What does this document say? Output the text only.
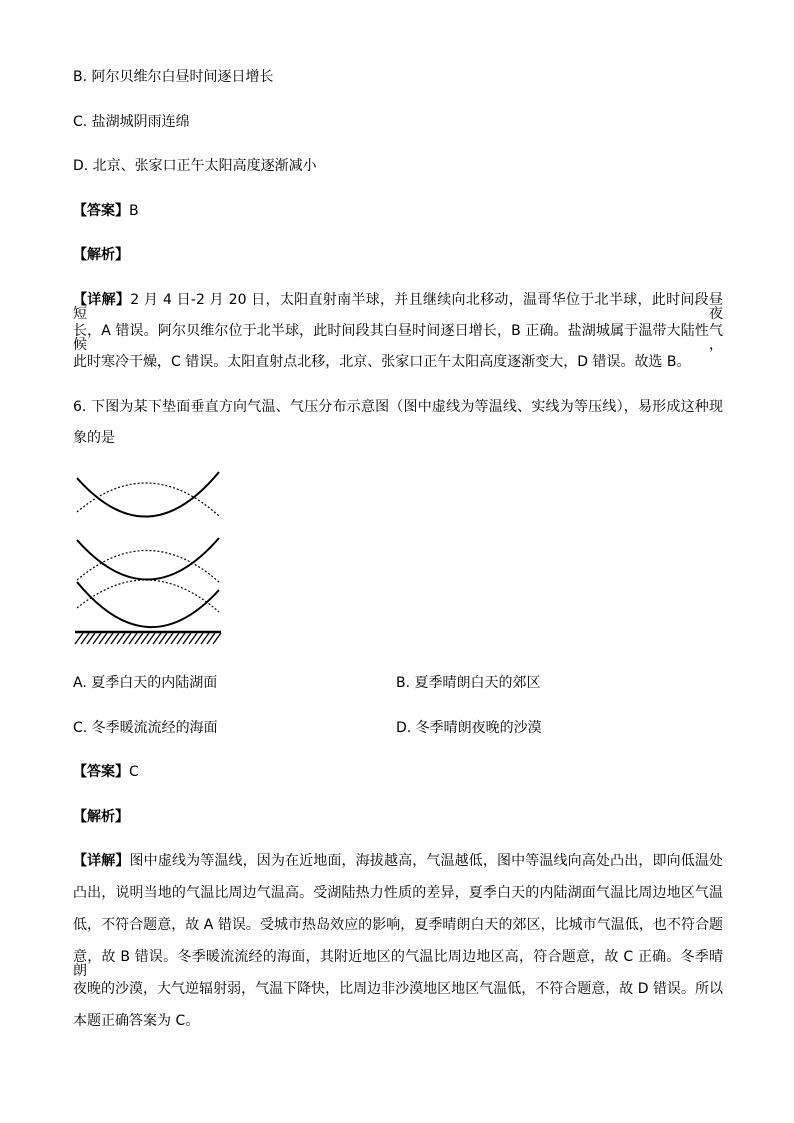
B. 阿尔贝维尔白昼时间逐日增长
C. 盐湖城阴雨连绵
D. 北京、张家口正午太阳高度逐渐减小
【答案】B
【解析】
【详解】2 月 4 日-2 月 20 日，太阳直射南半球，并且继续向北移动，温哥华位于北半球，此时间段昼短夜
长，A 错误。阿尔贝维尔位于北半球，此时间段其白昼时间逐日增长，B 正确。盐湖城属于温带大陆性气候，
此时寒冷干燥，C 错误。太阳直射点北移，北京、张家口正午太阳高度逐渐变大，D 错误。故选 B。
6. 下图为某下垫面垂直方向气温、气压分布示意图（图中虚线为等温线、实线为等压线），易形成这种现
象的是
A. 夏季白天的内陆湖面	B. 夏季晴朗白天的郊区
C. 冬季暖流流经的海面	D. 冬季晴朗夜晚的沙漠
【答案】C
【解析】
【详解】图中虚线为等温线，因为在近地面，海拔越高，气温越低，图中等温线向高处凸出，即向低温处
凸出，说明当地的气温比周边气温高。受湖陆热力性质的差异，夏季白天的内陆湖面气温比周边地区气温
低，不符合题意，故 A 错误。受城市热岛效应的影响，夏季晴朗白天的郊区，比城市气温低，也不符合题
意，故 B 错误。冬季暖流流经的海面，其附近地区的气温比周边地区高，符合题意，故 C 正确。冬季晴朗
夜晚的沙漠，大气逆辐射弱，气温下降快，比周边非沙漠地区地区气温低，不符合题意，故 D 错误。所以
本题正确答案为 C。
